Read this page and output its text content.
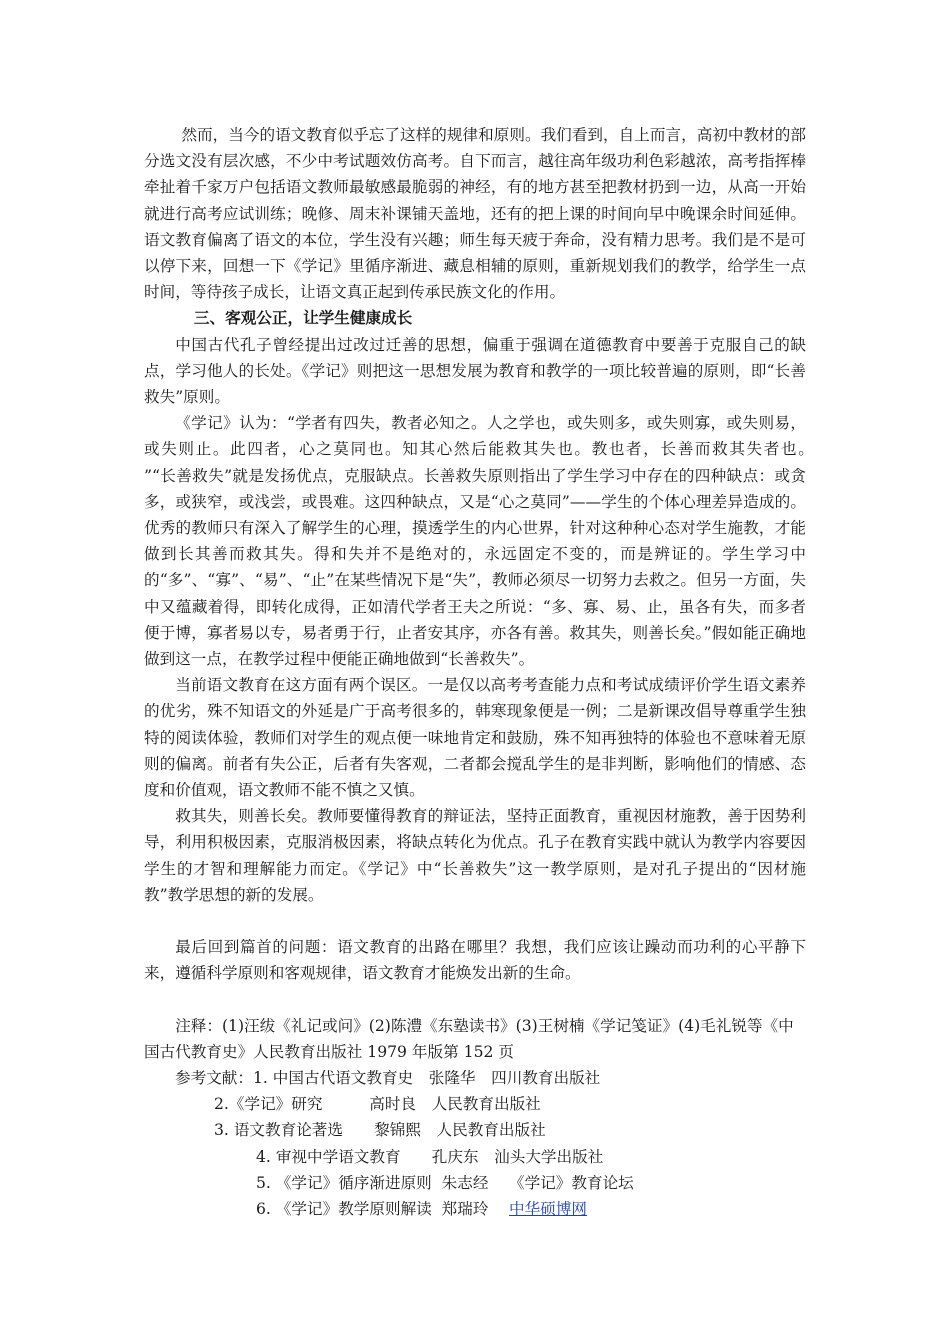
然而，当今的语文教育似乎忘了这样的规律和原则。我们看到，自上而言，高初中教材的部分选文没有层次感，不少中考试题效仿高考。自下而言，越往高年级功利色彩越浓，高考指挥棒牵扯着千家万户包括语文教师最敏感最脆弱的神经，有的地方甚至把教材扔到一边，从高一开始就进行高考应试训练；晚修、周末补课铺天盖地，还有的把上课的时间向早中晚课余时间延伸。语文教育偏离了语文的本位，学生没有兴趣；师生每天疲于奔命，没有精力思考。我们是不是可以停下来，回想一下《学记》里循序渐进、藏息相辅的原则，重新规划我们的教学，给学生一点时间，等待孩子成长，让语文真正起到传承民族文化的作用。

三、客观公正，让学生健康成长

中国古代孔子曾经提出过改过迁善的思想，偏重于强调在道德教育中要善于克服自己的缺点，学习他人的长处。《学记》则把这一思想发展为教育和教学的一项比较普遍的原则，即“长善救失”原则。

《学记》认为：“学者有四失，教者必知之。人之学也，或失则多，或失则寡，或失则易，或失则止。此四者，心之莫同也。知其心然后能救其失也。教也者，长善而救其失者也。　　”“长善救失”就是发扬优点，克服缺点。长善救失原则指出了学生学习中存在的四种缺点：或贪多，或狭窄，或浅尝，或畏难。这四种缺点，又是“心之莫同”——学生的个体心理差异造成的。优秀的教师只有深入了解学生的心理，摸透学生的内心世界，针对这种种心态对学生施教，才能做到长其善而救其失。得和失并不是绝对的，永远固定不变的，而是辨证的。学生学习中的“多”、“寡”、“易”、“止”在某些情况下是“失”，教师必须尽一切努力去救之。但另一方面，失中又蕴藏着得，即转化成得，正如清代学者王夫之所说：“多、寡、易、止，虽各有失，而多者便于博，寡者易以专，易者勇于行，止者安其序，亦各有善。救其失，则善长矣。”假如能正确地做到这一点，在教学过程中便能正确地做到“长善救失”。

当前语文教育在这方面有两个误区。一是仅以高考考查能力点和考试成绩评价学生语文素养的优劣，殊不知语文的外延是广于高考很多的，韩寒现象便是一例；二是新课改倡导尊重学生独特的阅读体验，教师们对学生的观点便一味地肯定和鼓励，殊不知再独特的体验也不意味着无原则的偏离。前者有失公正，后者有失客观，二者都会搅乱学生的是非判断，影响他们的情感、态度和价值观，语文教师不能不慎之又慎。

救其失，则善长矣。教师要懂得教育的辩证法，坚持正面教育，重视因材施教，善于因势利导，利用积极因素，克服消极因素，将缺点转化为优点。孔子在教育实践中就认为教学内容要因学生的才智和理解能力而定。《学记》中“长善救失”这一教学原则，是对孔子提出的“因材施教”教学思想的新的发展。

最后回到篇首的问题：语文教育的出路在哪里？我想，我们应该让躁动而功利的心平静下来，遵循科学原则和客观规律，语文教育才能焕发出新的生命。

注释：(1)汪绂《礼记或问》(2)陈澧《东塾读书》(3)王树楠《学记笺证》(4)毛礼锐等《中国古代教育史》人民教育出版社 1979 年版第 152 页

参考文献：1. 中国古代语文教育史　张隆华　四川教育出版社

2.《学记》研究　　　高时良　人民教育出版社

3. 语文教育论著选　　黎锦熙　人民教育出版社

4. 审视中学语文教育　　孔庆东　汕头大学出版社

5. 《学记》循序渐进原则  朱志经　 《学记》教育论坛

6. 《学记》教学原则解读  郑瑞玲　 中华硕博网
